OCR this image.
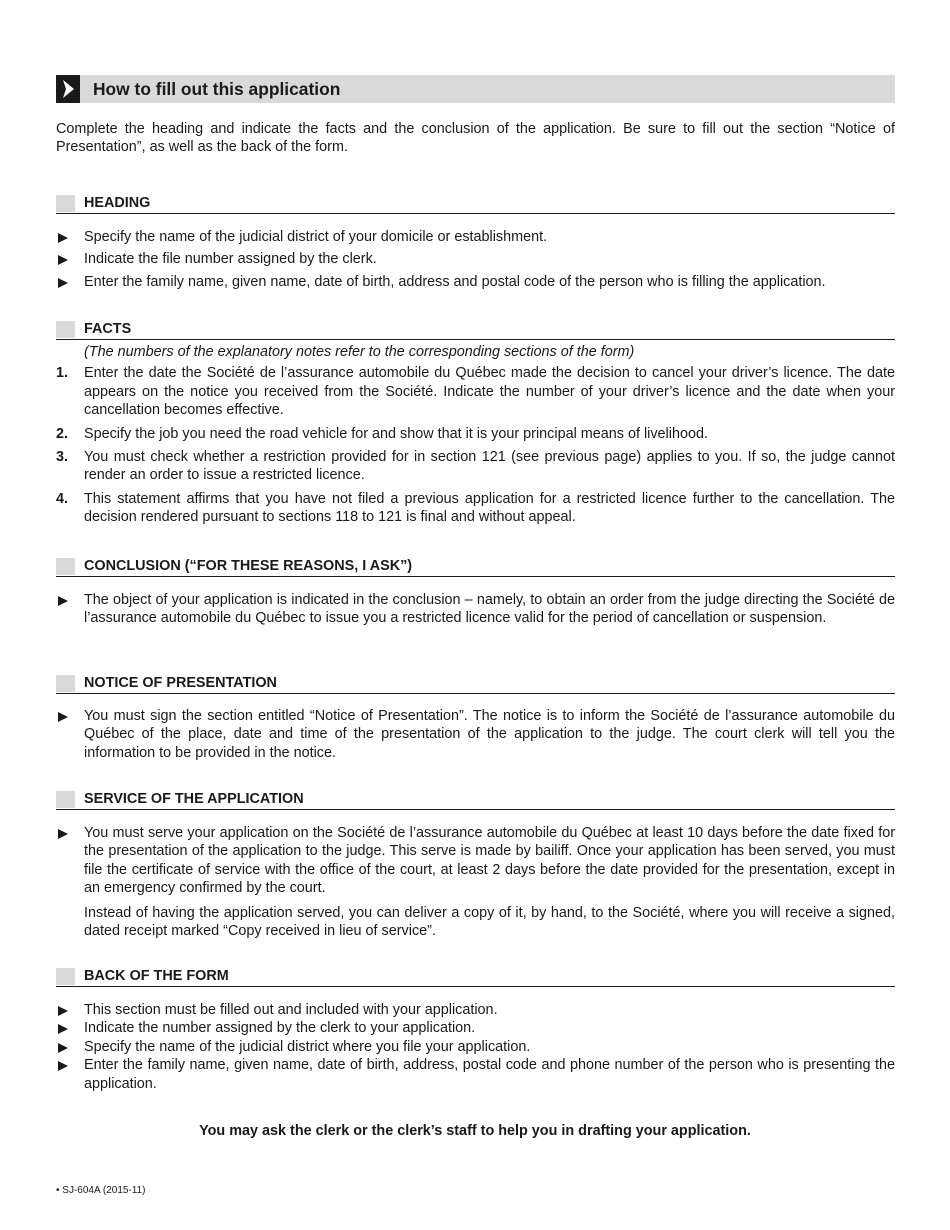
How to fill out this application
Complete the heading and indicate the facts and the conclusion of the application. Be sure to fill out the section “Notice of Presentation”, as well as the back of the form.
HEADING
Specify the name of the judicial district of your domicile or establishment.
Indicate the file number assigned by the clerk.
Enter the family name, given name, date of birth, address and postal code of the person who is filling the application.
FACTS
(The numbers of the explanatory notes refer to the corresponding sections of the form)
1. Enter the date the Société de l’assurance automobile du Québec made the decision to cancel your driver’s licence. The date appears on the notice you received from the Société. Indicate the number of your driver’s licence and the date when your cancellation becomes effective.
2. Specify the job you need the road vehicle for and show that it is your principal means of livelihood.
3. You must check whether a restriction provided for in section 121 (see previous page) applies to you. If so, the judge cannot render an order to issue a restricted licence.
4. This statement affirms that you have not filed a previous application for a restricted licence further to the cancellation. The decision rendered pursuant to sections 118 to 121 is final and without appeal.
CONCLUSION (“FOR THESE REASONS, I ASK”)
The object of your application is indicated in the conclusion – namely, to obtain an order from the judge directing the Société de l’assurance automobile du Québec to issue you a restricted licence valid for the period of cancellation or suspension.
NOTICE OF PRESENTATION
You must sign the section entitled “Notice of Presentation”. The notice is to inform the Société de l’assurance automobile du Québec of the place, date and time of the presentation of the application to the judge. The court clerk will tell you the information to be provided in the notice.
SERVICE OF THE APPLICATION
You must serve your application on the Société de l’assurance automobile du Québec at least 10 days before the date fixed for the presentation of the application to the judge. This serve is made by bailiff. Once your application has been served, you must file the certificate of service with the office of the court, at least 2 days before the date provided for the presentation, except in an emergency confirmed by the court.
Instead of having the application served, you can deliver a copy of it, by hand, to the Société, where you will receive a signed, dated receipt marked “Copy received in lieu of service”.
BACK OF THE FORM
This section must be filled out and included with your application.
Indicate the number assigned by the clerk to your application.
Specify the name of the judicial district where you file your application.
Enter the family name, given name, date of birth, address, postal code and phone number of the person who is presenting the application.
You may ask the clerk or the clerk’s staff to help you in drafting your application.
• SJ-604A (2015-11)
